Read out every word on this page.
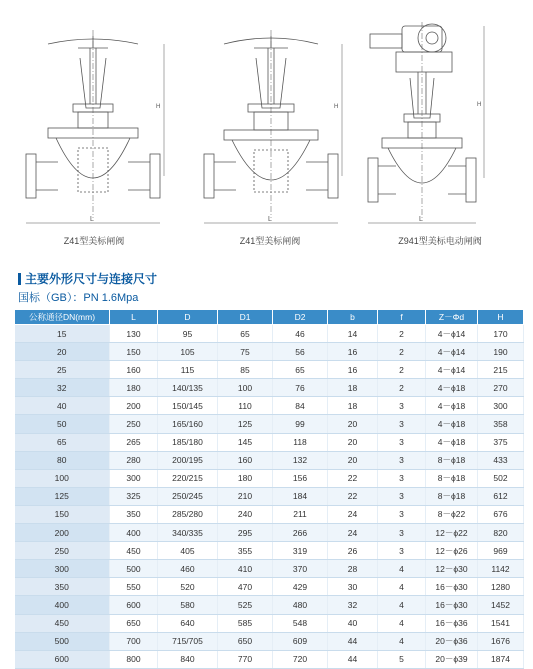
L
H
L
H
L
H
Z41型美标闸阀	Z41型美标闸阀	Z941型美标电动闸阀
主要外形尺寸与连接尺寸
国标（GB）：PN 1.6Mpa
公称通径DN(mm)	L	D	D1	D2	b	f	Z－Φd	H
15	130	95	65	46	14	2	4－ϕ14	170
20	150	105	75	56	16	2	4－ϕ14	190
25	160	115	85	65	16	2	4－ϕ14	215
32	180	140/135	100	76	18	2	4－ϕ18	270
40	200	150/145	110	84	18	3	4－ϕ18	300
50	250	165/160	125	99	20	3	4－ϕ18	358
65	265	185/180	145	118	20	3	4－ϕ18	375
80	280	200/195	160	132	20	3	8－ϕ18	433
100	300	220/215	180	156	22	3	8－ϕ18	502
125	325	250/245	210	184	22	3	8－ϕ18	612
150	350	285/280	240	211	24	3	8－ϕ22	676
200	400	340/335	295	266	24	3	12－ϕ22	820
250	450	405	355	319	26	3	12－ϕ26	969
300	500	460	410	370	28	4	12－ϕ30	1142
350	550	520	470	429	30	4	16－ϕ30	1280
400	600	580	525	480	32	4	16－ϕ30	1452
450	650	640	585	548	40	4	16－ϕ36	1541
500	700	715/705	650	609	44	4	20－ϕ36	1676
600	800	840	770	720	44	5	20－ϕ39	1874
